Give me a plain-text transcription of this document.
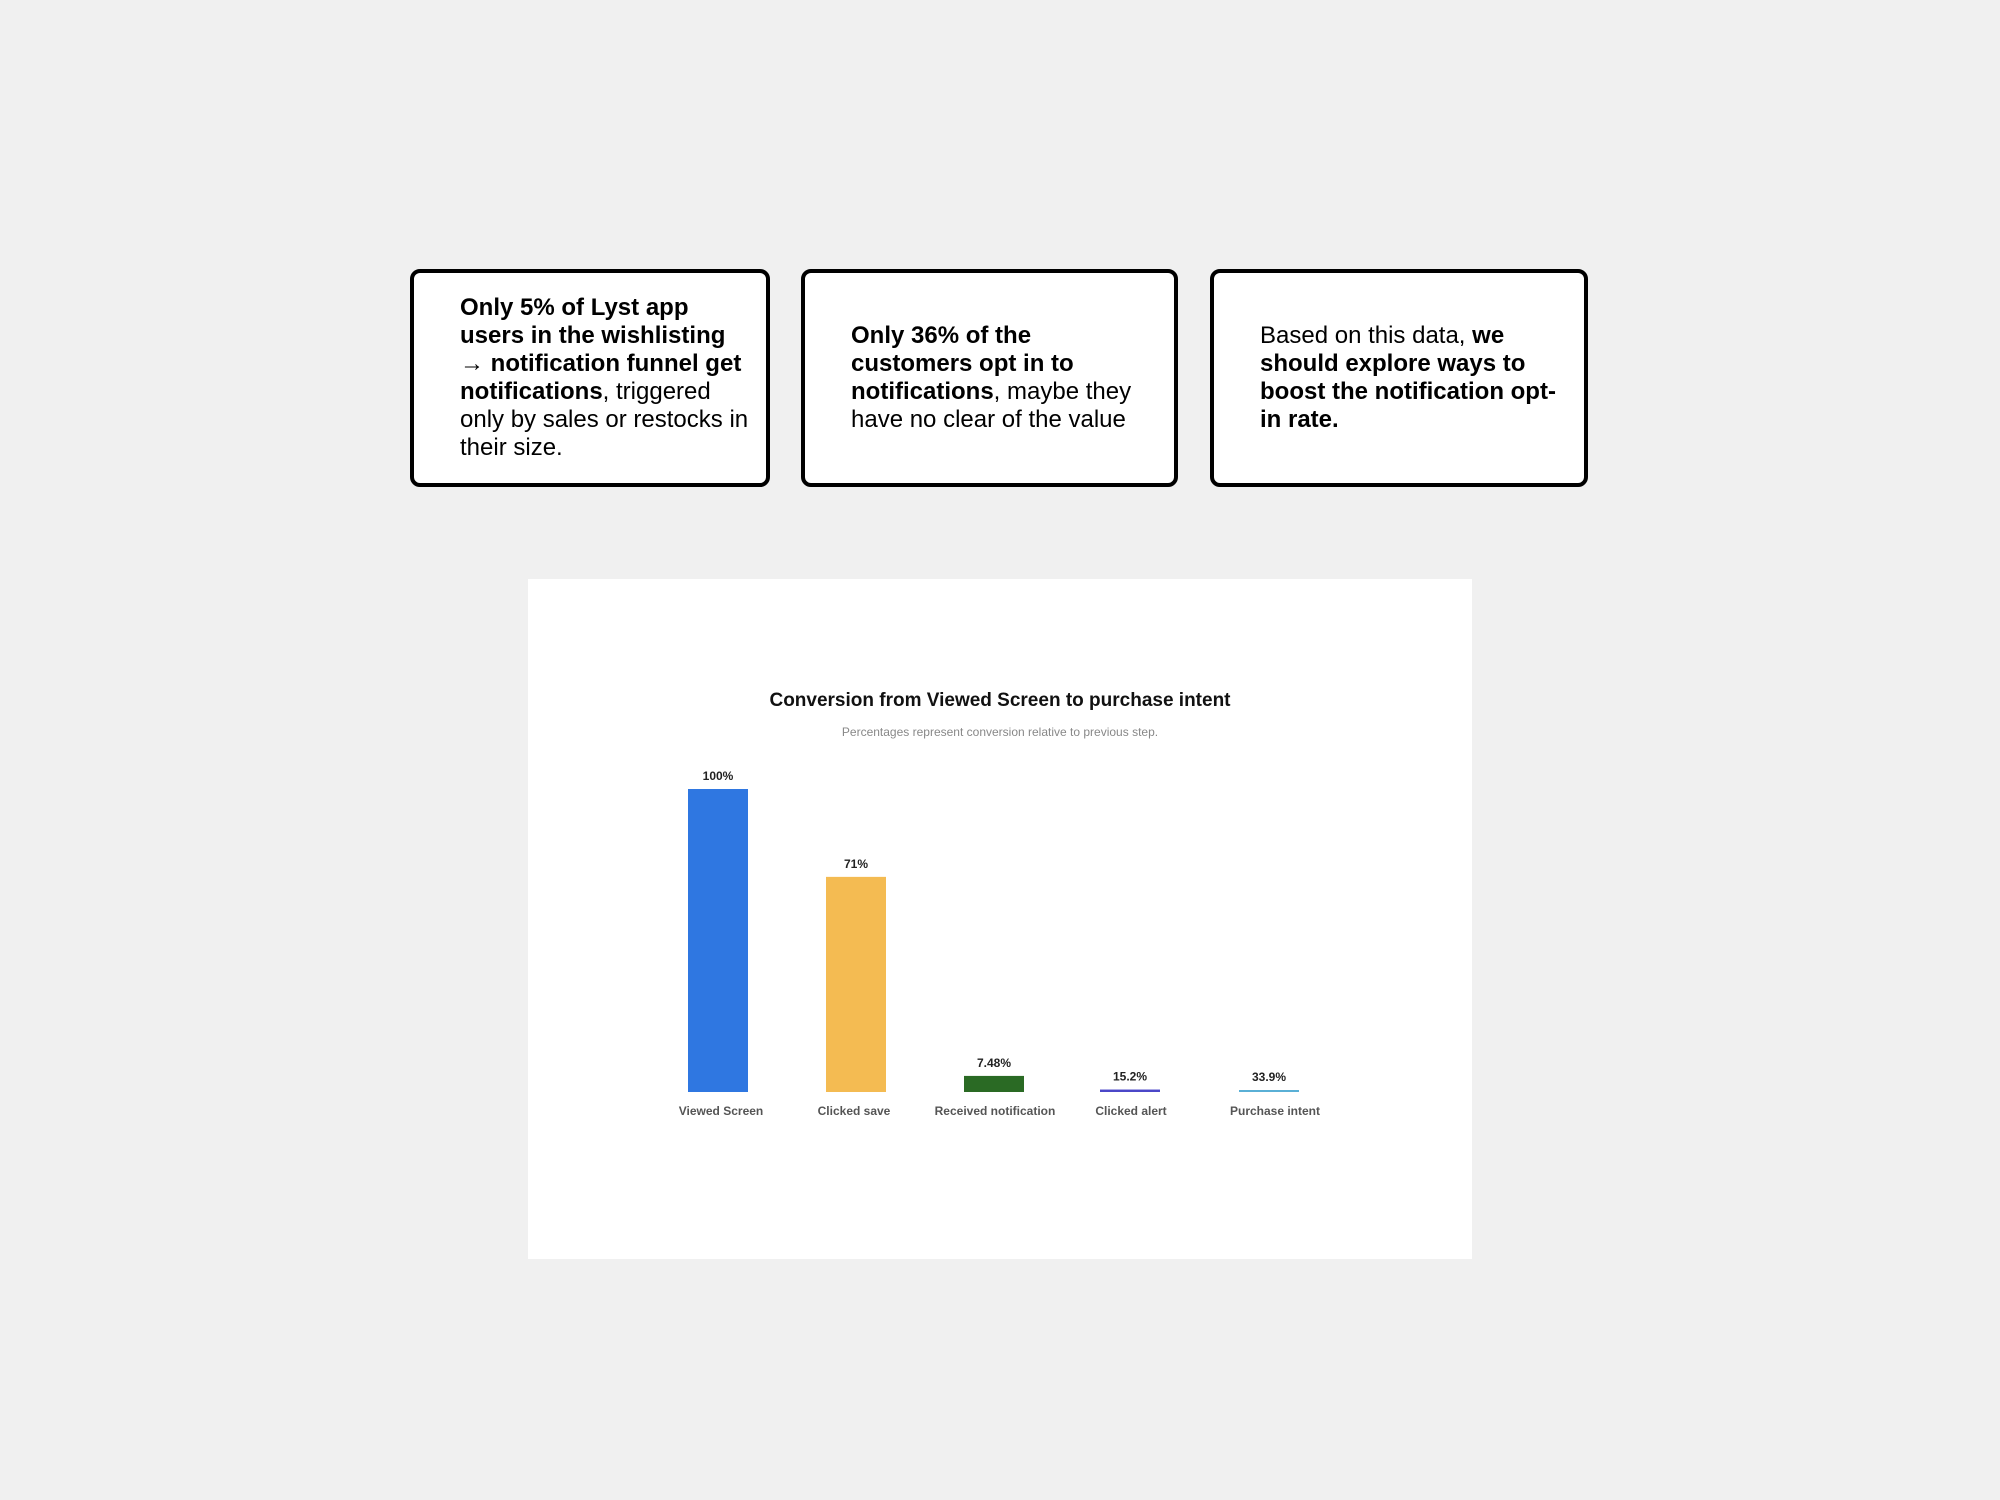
Only 5% of Lyst app users in the wishlisting → notification funnel get notifications, triggered only by sales or restocks in their size.
Only 36% of the customers opt in to notifications, maybe they have no clear of the value
Based on this data, we should explore ways to boost the notification opt-in rate.
Conversion from Viewed Screen to purchase intent
Percentages represent conversion relative to previous step.
100%
Viewed Screen
71%
Clicked save
7.48%
Received notification
15.2%
Clicked alert
33.9%
Purchase intent
